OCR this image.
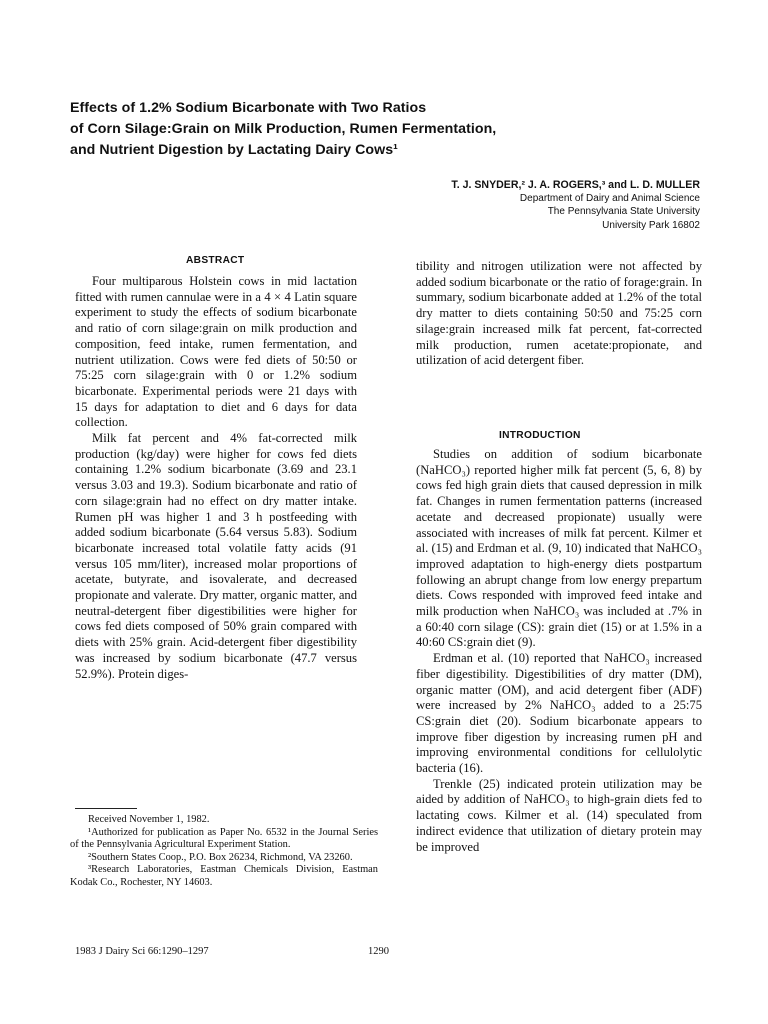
Effects of 1.2% Sodium Bicarbonate with Two Ratios
of Corn Silage:Grain on Milk Production, Rumen Fermentation,
and Nutrient Digestion by Lactating Dairy Cows¹
T. J. SNYDER,² J. A. ROGERS,³ and L. D. MULLER
Department of Dairy and Animal Science
The Pennsylvania State University
University Park 16802
ABSTRACT

Four multiparous Holstein cows in mid lactation fitted with rumen cannulae were in a 4 × 4 Latin square experiment to study the effects of sodium bicarbonate and ratio of corn silage:grain on milk production and composition, feed intake, rumen fermentation, and nutrient utilization. Cows were fed diets of 50:50 or 75:25 corn silage:grain with 0 or 1.2% sodium bicarbonate. Experimental periods were 21 days with 15 days for adaptation to diet and 6 days for data collection.

Milk fat percent and 4% fat-corrected milk production (kg/day) were higher for cows fed diets containing 1.2% sodium bicarbonate (3.69 and 23.1 versus 3.03 and 19.3). Sodium bicarbonate and ratio of corn silage:grain had no effect on dry matter intake. Rumen pH was higher 1 and 3 h postfeeding with added sodium bicarbonate (5.64 versus 5.83). Sodium bicarbonate increased total volatile fatty acids (91 versus 105 mm/liter), increased molar proportions of acetate, butyrate, and isovalerate, and decreased propionate and valerate. Dry matter, organic matter, and neutral-detergent fiber digestibilities were higher for cows fed diets composed of 50% grain compared with diets with 25% grain. Acid-detergent fiber digestibility was increased by sodium bicarbonate (47.7 versus 52.9%). Protein diges-

tibility and nitrogen utilization were not affected by added sodium bicarbonate or the ratio of forage:grain. In summary, sodium bicarbonate added at 1.2% of the total dry matter to diets containing 50:50 and 75:25 corn silage:grain increased milk fat percent, fat-corrected milk production, rumen acetate:propionate, and utilization of acid detergent fiber.

INTRODUCTION

Studies on addition of sodium bicarbonate (NaHCO₃) reported higher milk fat percent (5, 6, 8) by cows fed high grain diets that caused depression in milk fat. Changes in rumen fermentation patterns (increased acetate and decreased propionate) usually were associated with increases of milk fat percent. Kilmer et al. (15) and Erdman et al. (9, 10) indicated that NaHCO₃ improved adaptation to high-energy diets postpartum following an abrupt change from low energy prepartum diets. Cows responded with improved feed intake and milk production when NaHCO₃ was included at .7% in a 60:40 corn silage (CS): grain diet (15) or at 1.5% in a 40:60 CS:grain diet (9).

Erdman et al. (10) reported that NaHCO₃ increased fiber digestibility. Digestibilities of dry matter (DM), organic matter (OM), and acid detergent fiber (ADF) were increased by 2% NaHCO₃ added to a 25:75 CS:grain diet (20). Sodium bicarbonate appears to improve fiber digestion by increasing rumen pH and improving environmental conditions for cellulolytic bacteria (16).

Trenkle (25) indicated protein utilization may be aided by addition of NaHCO₃ to high-grain diets fed to lactating cows. Kilmer et al. (14) speculated from indirect evidence that utilization of dietary protein may be improved

Received November 1, 1982.

¹Authorized for publication as Paper No. 6532 in the Journal Series of the Pennsylvania Agricultural Experiment Station.

²Southern States Coop., P.O. Box 26234, Richmond, VA 23260.

³Research Laboratories, Eastman Chemicals Division, Eastman Kodak Co., Rochester, NY 14603.

1983 J Dairy Sci 66:1290–1297	1290
